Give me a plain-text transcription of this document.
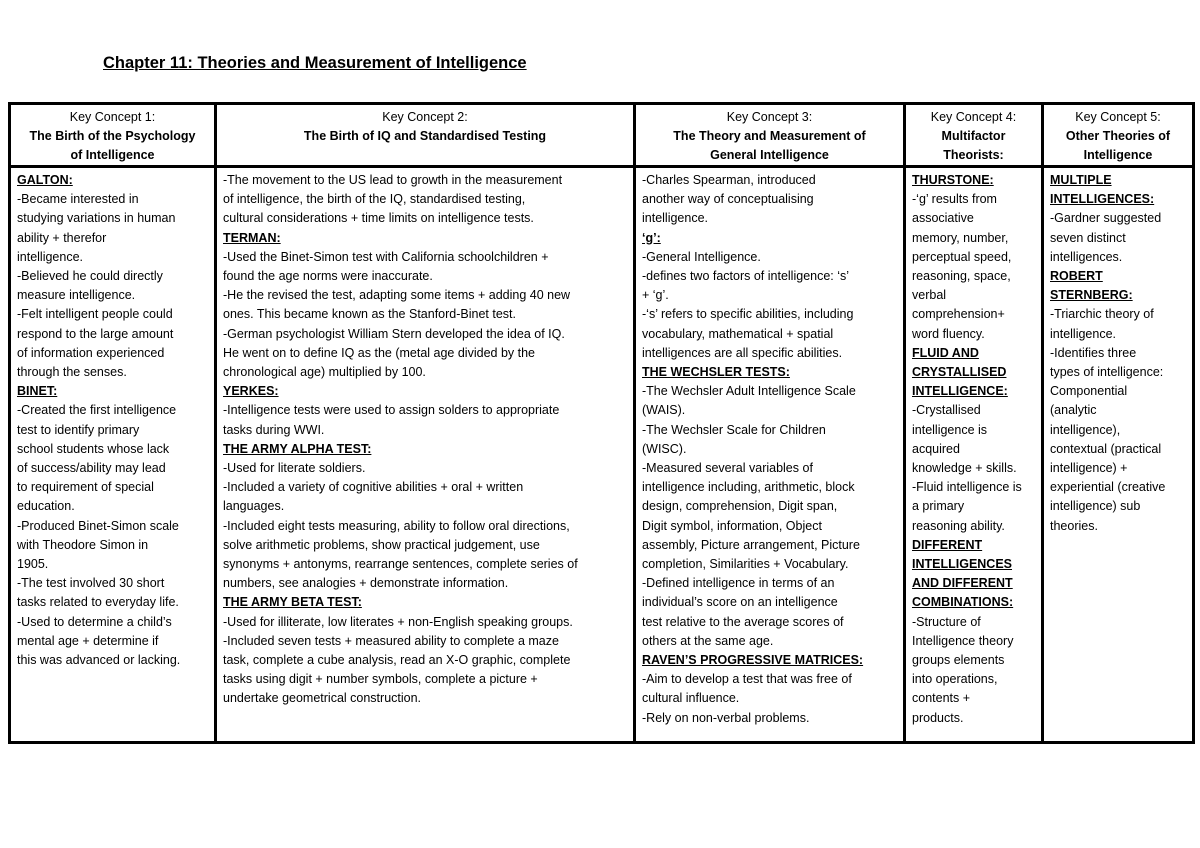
Chapter 11: Theories and Measurement of Intelligence
Key Concept 1:
The Birth of the Psychology
of Intelligence
Key Concept 2:
The Birth of IQ and Standardised Testing
Key Concept 3:
The Theory and Measurement of
General Intelligence
Key Concept 4:
Multifactor
Theorists:
Key Concept 5:
Other Theories of
Intelligence
GALTON:
-Became interested in
studying variations in human
ability + therefor
intelligence.
-Believed he could directly
measure intelligence.
-Felt intelligent people could
respond to the large amount
of information experienced
through the senses.
BINET:
-Created the first intelligence
test to identify primary
school students whose lack
of success/ability may lead
to requirement of special
education.
-Produced Binet-Simon scale
with Theodore Simon in
1905.
-The test involved 30 short
tasks related to everyday life.
-Used to determine a child’s
mental age + determine if
this was advanced or lacking.
-The movement to the US lead to growth in the measurement
of intelligence, the birth of the IQ, standardised testing,
cultural considerations + time limits on intelligence tests.
TERMAN:
-Used the Binet-Simon test with California schoolchildren +
found the age norms were inaccurate.
-He the revised the test, adapting some items + adding 40 new
ones. This became known as the Stanford-Binet test.
-German psychologist William Stern developed the idea of IQ.
He went on to define IQ as the (metal age divided by the
chronological age) multiplied by 100.
YERKES:
-Intelligence tests were used to assign solders to appropriate
tasks during WWI.
THE ARMY ALPHA TEST:
-Used for literate soldiers.
-Included a variety of cognitive abilities + oral + written
languages.
-Included eight tests measuring, ability to follow oral directions,
solve arithmetic problems, show practical judgement, use
synonyms + antonyms, rearrange sentences, complete series of
numbers, see analogies + demonstrate information.
THE ARMY BETA TEST:
-Used for illiterate, low literates + non-English speaking groups.
-Included seven tests + measured ability to complete a maze
task, complete a cube analysis, read an X-O graphic, complete
tasks using digit + number symbols, complete a picture +
undertake geometrical construction.
-Charles Spearman, introduced
another way of conceptualising
intelligence.
‘g’:
-General Intelligence.
-defines two factors of intelligence: ‘s’
+ ‘g’.
-‘s’ refers to specific abilities, including
vocabulary, mathematical + spatial
intelligences are all specific abilities.
THE WECHSLER TESTS:
-The Wechsler Adult Intelligence Scale
(WAIS).
-The Wechsler Scale for Children
(WISC).
-Measured several variables of
intelligence including, arithmetic, block
design, comprehension, Digit span,
Digit symbol, information, Object
assembly, Picture arrangement, Picture
completion, Similarities + Vocabulary.
-Defined intelligence in terms of an
individual’s score on an intelligence
test relative to the average scores of
others at the same age.
RAVEN’S PROGRESSIVE MATRICES:
-Aim to develop a test that was free of
cultural influence.
-Rely on non-verbal problems.
THURSTONE:
-‘g’ results from
associative
memory, number,
perceptual speed,
reasoning, space,
verbal
comprehension+
word fluency.
FLUID AND
CRYSTALLISED
INTELLIGENCE:
-Crystallised
intelligence is
acquired
knowledge + skills.
-Fluid intelligence is
a primary
reasoning ability.
DIFFERENT
INTELLIGENCES
AND DIFFERENT
COMBINATIONS:
-Structure of
Intelligence theory
groups elements
into operations,
contents +
products.
MULTIPLE
INTELLIGENCES:
-Gardner suggested
seven distinct
intelligences.
ROBERT
STERNBERG:
-Triarchic theory of
intelligence.
-Identifies three
types of intelligence:
Componential
(analytic
intelligence),
contextual (practical
intelligence) +
experiential (creative
intelligence) sub
theories.
